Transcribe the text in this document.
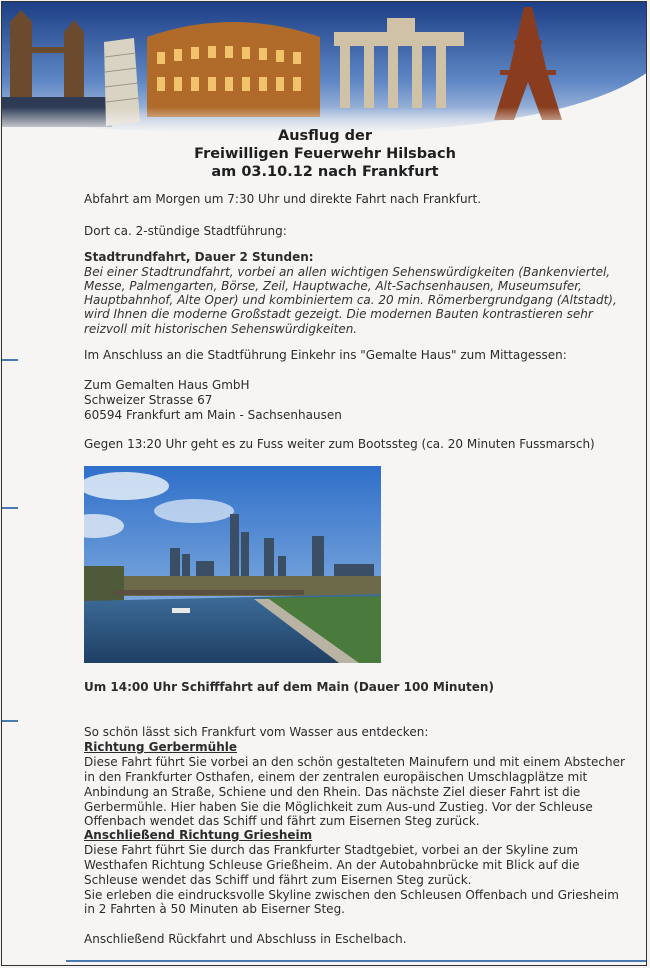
Ausflug der
Freiwilligen Feuerwehr Hilsbach
am 03.10.12 nach Frankfurt
Abfahrt am Morgen um 7:30 Uhr und direkte Fahrt nach Frankfurt.
Dort ca. 2-stündige Stadtführung:
Stadtrundfahrt, Dauer 2 Stunden:
Bei einer Stadtrundfahrt, vorbei an allen wichtigen Sehenswürdigkeiten (Bankenviertel,
Messe, Palmengarten, Börse, Zeil, Hauptwache, Alt-Sachsenhausen, Museumsufer,
Hauptbahnhof, Alte Oper) und kombiniertem ca. 20 min. Römerbergrundgang (Altstadt),
wird Ihnen die moderne Großstadt gezeigt. Die modernen Bauten kontrastieren sehr
reizvoll mit historischen Sehenswürdigkeiten.
Im Anschluss an die Stadtführung Einkehr ins "Gemalte Haus" zum Mittagessen:
Zum Gemalten Haus GmbH
Schweizer Strasse 67
60594 Frankfurt am Main - Sachsenhausen
Gegen 13:20 Uhr geht es zu Fuss weiter zum Bootssteg (ca. 20 Minuten Fussmarsch)
Um 14:00 Uhr Schifffahrt auf dem Main (Dauer 100 Minuten)
So schön lässt sich Frankfurt vom Wasser aus entdecken:
Richtung Gerbermühle
Diese Fahrt führt Sie vorbei an den schön gestalteten Mainufern und mit einem Abstecher
in den Frankfurter Osthafen, einem der zentralen europäischen Umschlagplätze mit
Anbindung an Straße, Schiene und den Rhein. Das nächste Ziel dieser Fahrt ist die
Gerbermühle. Hier haben Sie die Möglichkeit zum Aus-und Zustieg. Vor der Schleuse
Offenbach wendet das Schiff und fährt zum Eisernen Steg zurück.
Anschließend Richtung Griesheim
Diese Fahrt führt Sie durch das Frankfurter Stadtgebiet, vorbei an der Skyline zum
Westhafen Richtung Schleuse Grießheim. An der Autobahnbrücke mit Blick auf die
Schleuse wendet das Schiff und fährt zum Eisernen Steg zurück.
Sie erleben die eindrucksvolle Skyline zwischen den Schleusen Offenbach und Griesheim
in 2 Fahrten à 50 Minuten ab Eiserner Steg.
Anschließend Rückfahrt und Abschluss in Eschelbach.
